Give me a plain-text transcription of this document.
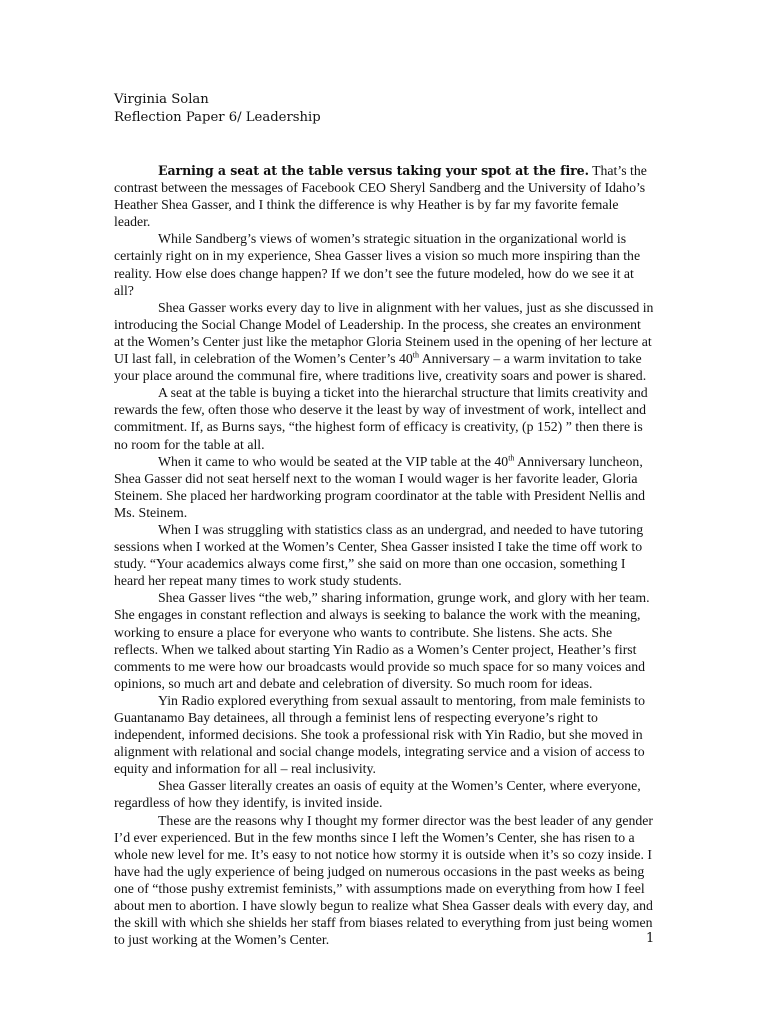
Virginia Solan
Reflection Paper 6/ Leadership

Earning a seat at the table versus taking your spot at the fire. That’s the contrast between the messages of Facebook CEO Sheryl Sandberg and the University of Idaho’s Heather Shea Gasser, and I think the difference is why Heather is by far my favorite female leader.

While Sandberg’s views of women’s strategic situation in the organizational world is certainly right on in my experience, Shea Gasser lives a vision so much more inspiring than the reality. How else does change happen? If we don’t see the future modeled, how do we see it at all?

Shea Gasser works every day to live in alignment with her values, just as she discussed in introducing the Social Change Model of Leadership. In the process, she creates an environment at the Women’s Center just like the metaphor Gloria Steinem used in the opening of her lecture at UI last fall, in celebration of the Women’s Center’s 40th Anniversary – a warm invitation to take your place around the communal fire, where traditions live, creativity soars and power is shared.

A seat at the table is buying a ticket into the hierarchal structure that limits creativity and rewards the few, often those who deserve it the least by way of investment of work, intellect and commitment. If, as Burns says, “the highest form of efficacy is creativity, (p 152) ” then there is no room for the table at all.

When it came to who would be seated at the VIP table at the 40th Anniversary luncheon, Shea Gasser did not seat herself next to the woman I would wager is her favorite leader, Gloria Steinem. She placed her hardworking program coordinator at the table with President Nellis and Ms. Steinem.

When I was struggling with statistics class as an undergrad, and needed to have tutoring sessions when I worked at the Women’s Center, Shea Gasser insisted I take the time off work to study. “Your academics always come first,” she said on more than one occasion, something I heard her repeat many times to work study students.

Shea Gasser lives “the web,” sharing information, grunge work, and glory with her team. She engages in constant reflection and always is seeking to balance the work with the meaning, working to ensure a place for everyone who wants to contribute. She listens. She acts. She reflects. When we talked about starting Yin Radio as a Women’s Center project, Heather’s first comments to me were how our broadcasts would provide so much space for so many voices and opinions, so much art and debate and celebration of diversity. So much room for ideas.

Yin Radio explored everything from sexual assault to mentoring, from male feminists to Guantanamo Bay detainees, all through a feminist lens of respecting everyone’s right to independent, informed decisions. She took a professional risk with Yin Radio, but she moved in alignment with relational and social change models, integrating service and a vision of access to equity and information for all – real inclusivity.

Shea Gasser literally creates an oasis of equity at the Women’s Center, where everyone, regardless of how they identify, is invited inside.

These are the reasons why I thought my former director was the best leader of any gender I’d ever experienced. But in the few months since I left the Women’s Center, she has risen to a whole new level for me. It’s easy to not notice how stormy it is outside when it’s so cozy inside. I have had the ugly experience of being judged on numerous occasions in the past weeks as being one of “those pushy extremist feminists,” with assumptions made on everything from how I feel about men to abortion. I have slowly begun to realize what Shea Gasser deals with every day, and the skill with which she shields her staff from biases related to everything from just being women to just working at the Women’s Center.	1
